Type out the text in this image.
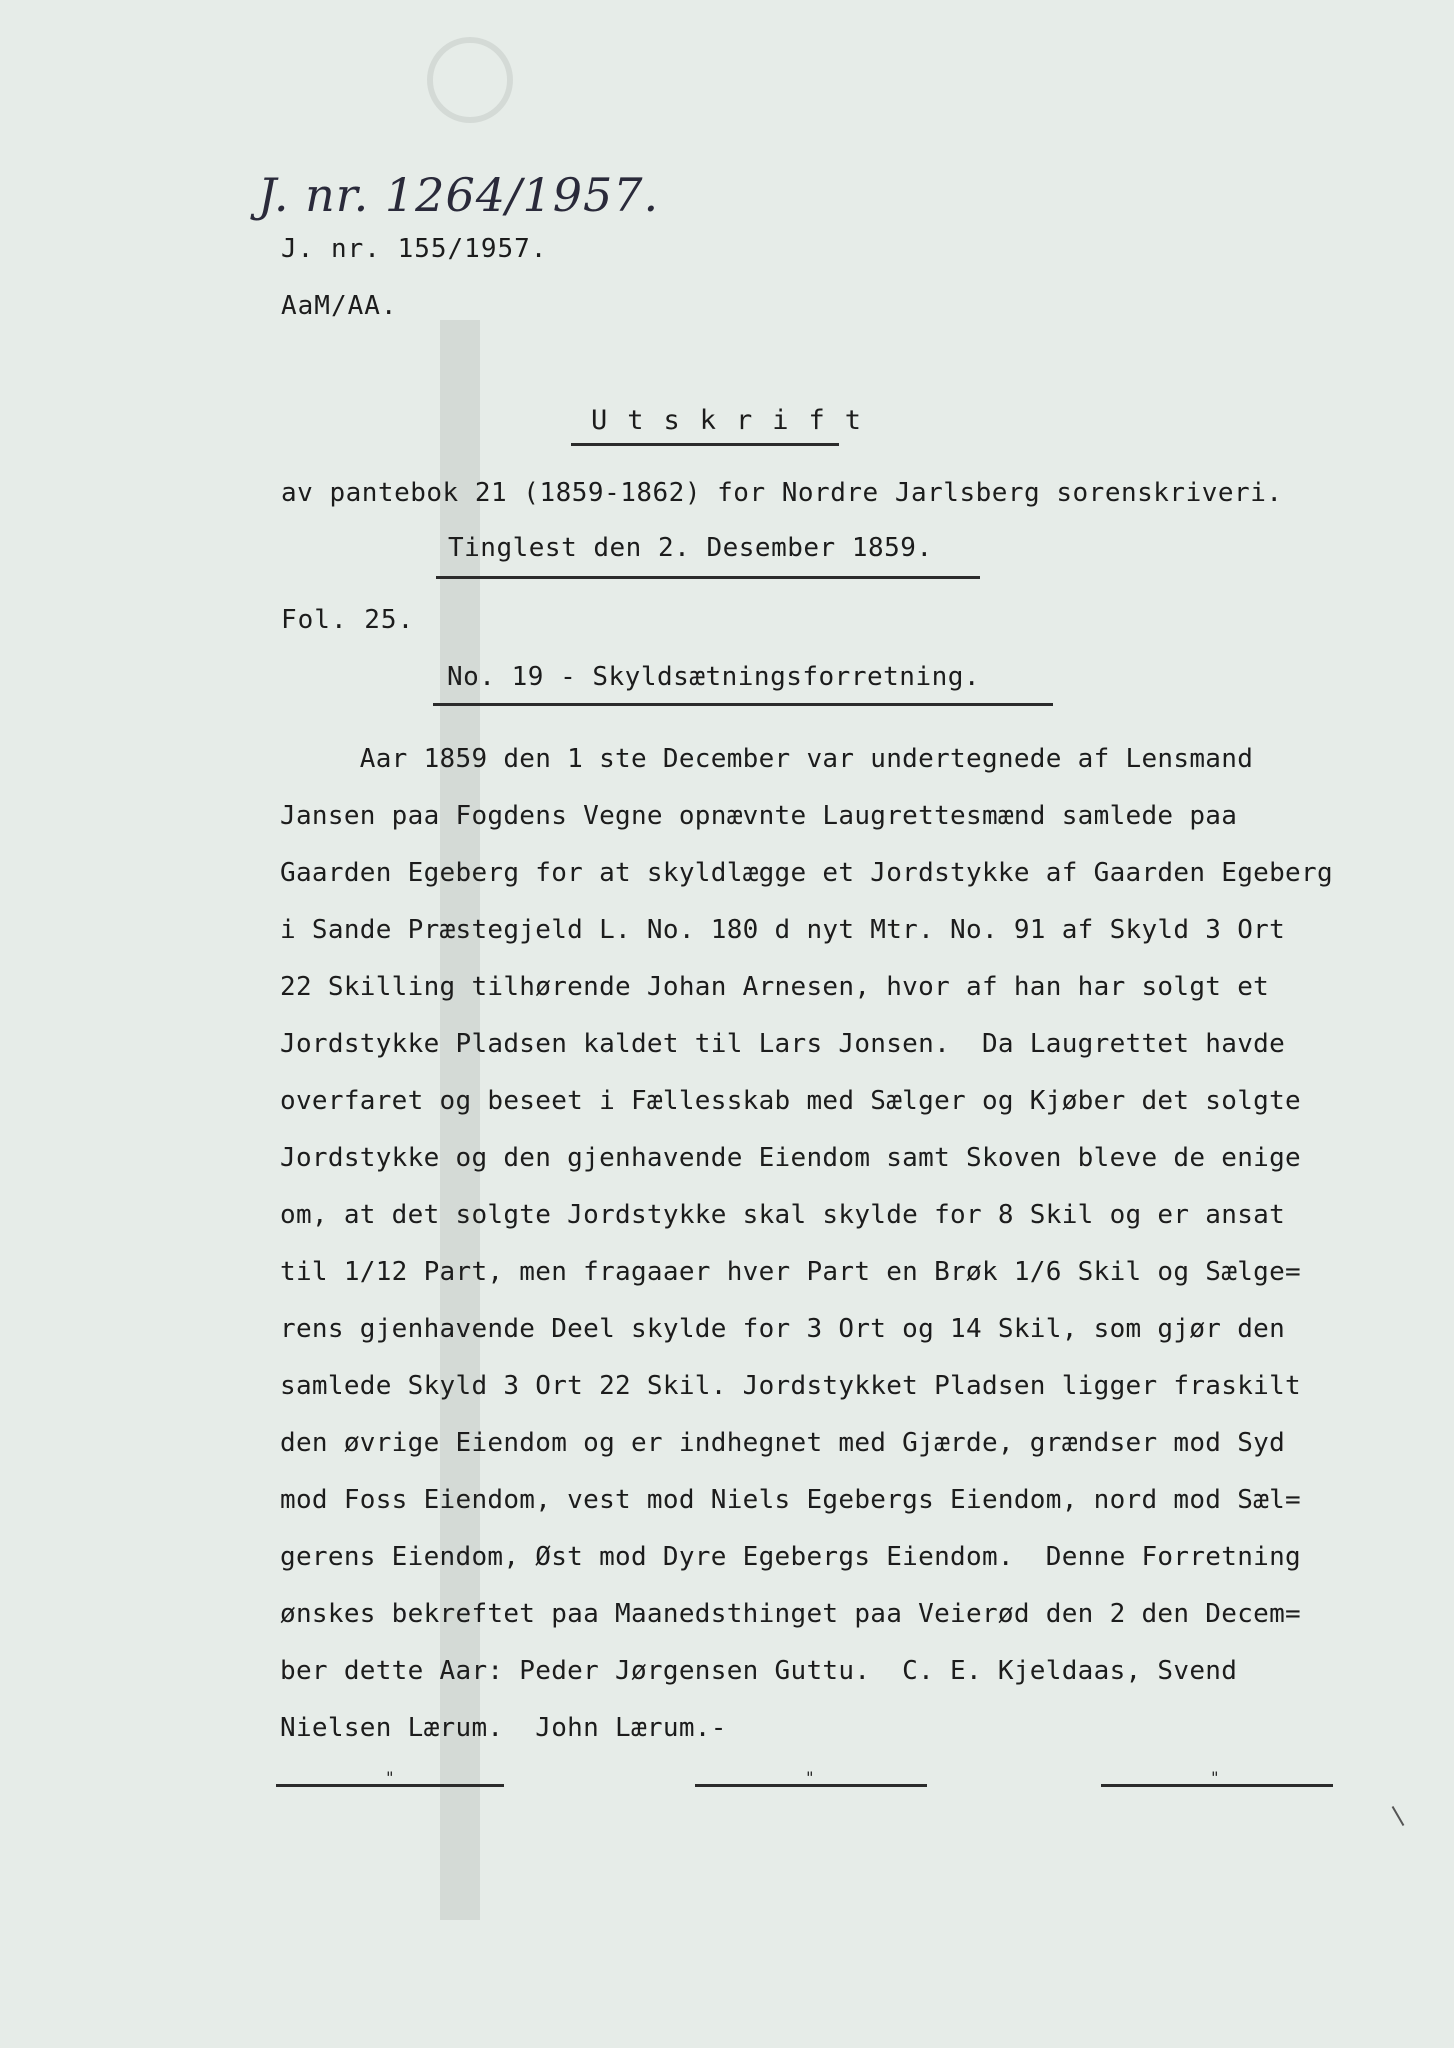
J. nr. 1264/1957.
J. nr. 155/1957.
AaM/AA.
Utskrift
av pantebok 21 (1859-1862) for Nordre Jarlsberg sorenskriveri.
Tinglest den 2. Desember 1859.
Fol. 25.
No. 19 - Skyldsætningsforretning.
Aar 1859 den 1 ste December var undertegnede af Lensmand
Jansen paa Fogdens Vegne opnævnte Laugrettesmænd samlede paa
Gaarden Egeberg for at skyldlægge et Jordstykke af Gaarden Egeberg
i Sande Præstegjeld L. No. 180 d nyt Mtr. No. 91 af Skyld 3 Ort
22 Skilling tilhørende Johan Arnesen, hvor af han har solgt et
Jordstykke Pladsen kaldet til Lars Jonsen.  Da Laugrettet havde
overfaret og beseet i Fællesskab med Sælger og Kjøber det solgte
Jordstykke og den gjenhavende Eiendom samt Skoven bleve de enige
om, at det solgte Jordstykke skal skylde for 8 Skil og er ansat
til 1/12 Part, men fragaaer hver Part en Brøk 1/6 Skil og Sælge=
rens gjenhavende Deel skylde for 3 Ort og 14 Skil, som gjør den
samlede Skyld 3 Ort 22 Skil. Jordstykket Pladsen ligger fraskilt
den øvrige Eiendom og er indhegnet med Gjærde, grændser mod Syd
mod Foss Eiendom, vest mod Niels Egebergs Eiendom, nord mod Sæl=
gerens Eiendom, Øst mod Dyre Egebergs Eiendom.  Denne Forretning
ønskes bekreftet paa Maanedsthinget paa Veierød den 2 den Decem=
ber dette Aar: Peder Jørgensen Guttu.  C. E. Kjeldaas, Svend
Nielsen Lærum.  John Lærum.-
"	"	"
